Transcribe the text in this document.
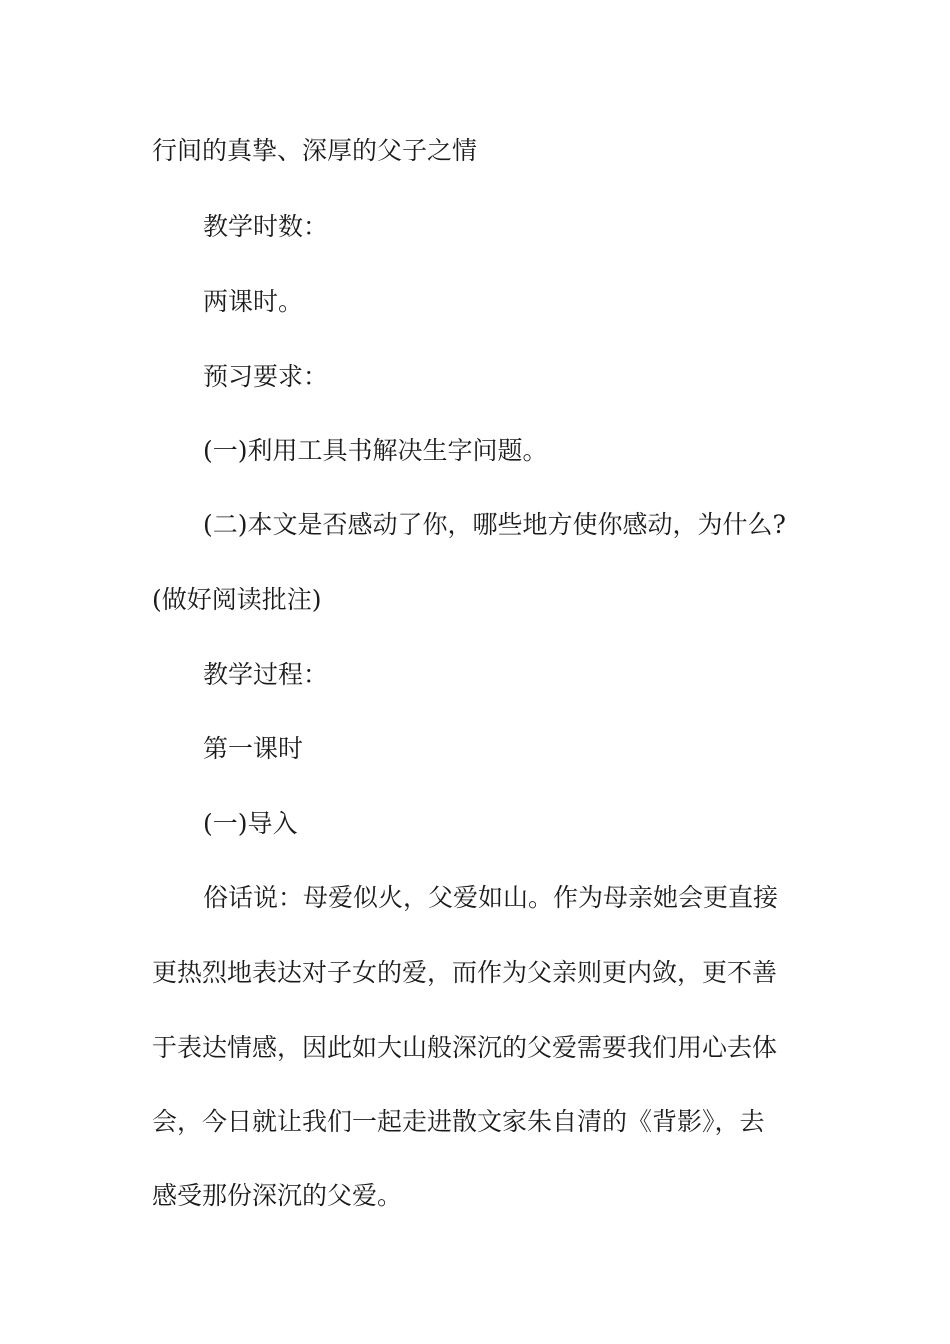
行间的真挚、深厚的父子之情
教学时数：
两课时。
预习要求：
(一)利用工具书解决生字问题。
(二)本文是否感动了你，哪些地方使你感动，为什么?
(做好阅读批注)
教学过程：
第一课时
(一)导入
俗话说：母爱似火，父爱如山。作为母亲她会更直接
更热烈地表达对子女的爱，而作为父亲则更内敛，更不善
于表达情感，因此如大山般深沉的父爱需要我们用心去体
会，今日就让我们一起走进散文家朱自清的《背影》，去
感受那份深沉的父爱。
